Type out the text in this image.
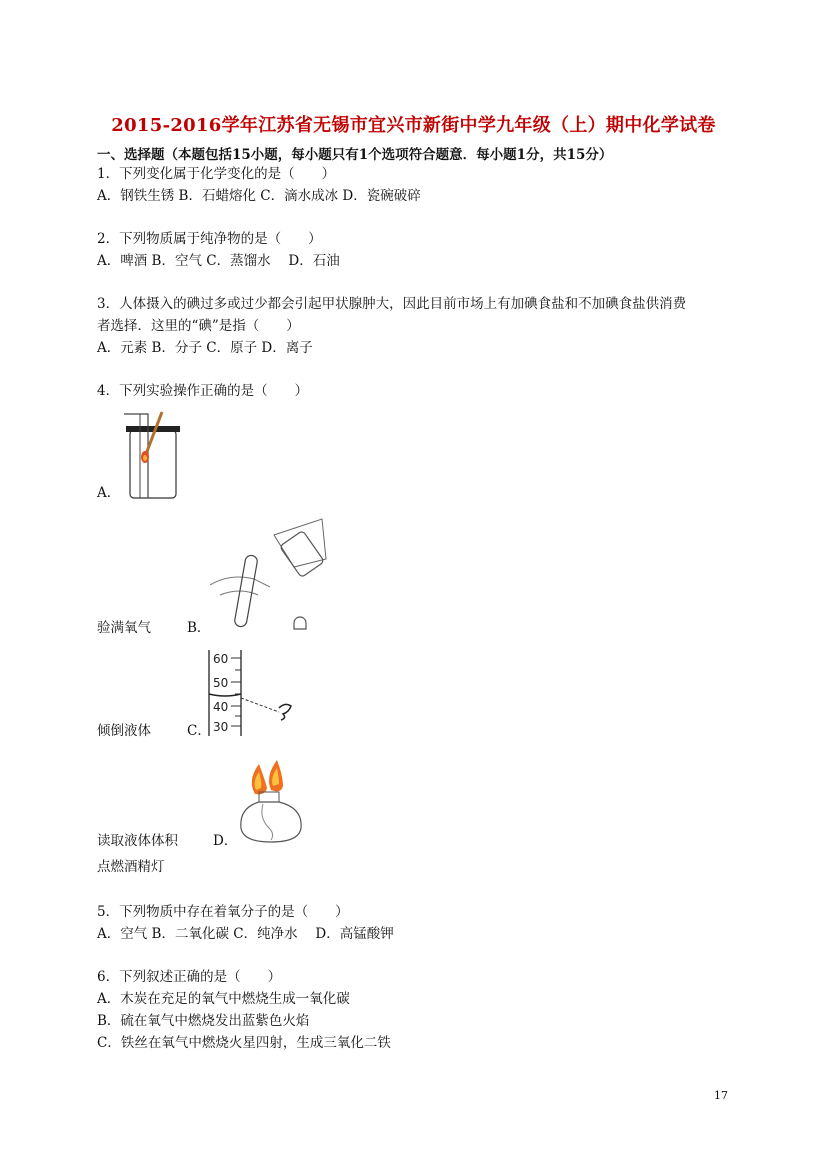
2015-2016学年江苏省无锡市宜兴市新街中学九年级（上）期中化学试卷
一、选择题（本题包括15小题，每小题只有1个选项符合题意．每小题1分，共15分）
1．下列变化属于化学变化的是（　　）
A．钢铁生锈 B．石蜡熔化 C．滴水成冰 D．瓷碗破碎
2．下列物质属于纯净物的是（　　）
A．啤酒 B．空气 C．蒸馏水　 D．石油
3．人体摄入的碘过多或过少都会引起甲状腺肿大，因此目前市场上有加碘食盐和不加碘食盐供消费
者选择．这里的“碘”是指（　　）
A．元素 B．分子 C．原子 D．离子
4．下列实验操作正确的是（　　）
A．
验满氧气	B．
60
50
40
30
倾倒液体	C．
读取液体体积	D．
点燃酒精灯
5．下列物质中存在着氧分子的是（　　）
A．空气 B．二氧化碳 C．纯净水　 D．高锰酸钾
6．下列叙述正确的是（　　）
A．木炭在充足的氧气中燃烧生成一氧化碳
B．硫在氧气中燃烧发出蓝紫色火焰
C．铁丝在氧气中燃烧火星四射，生成三氧化二铁
17
